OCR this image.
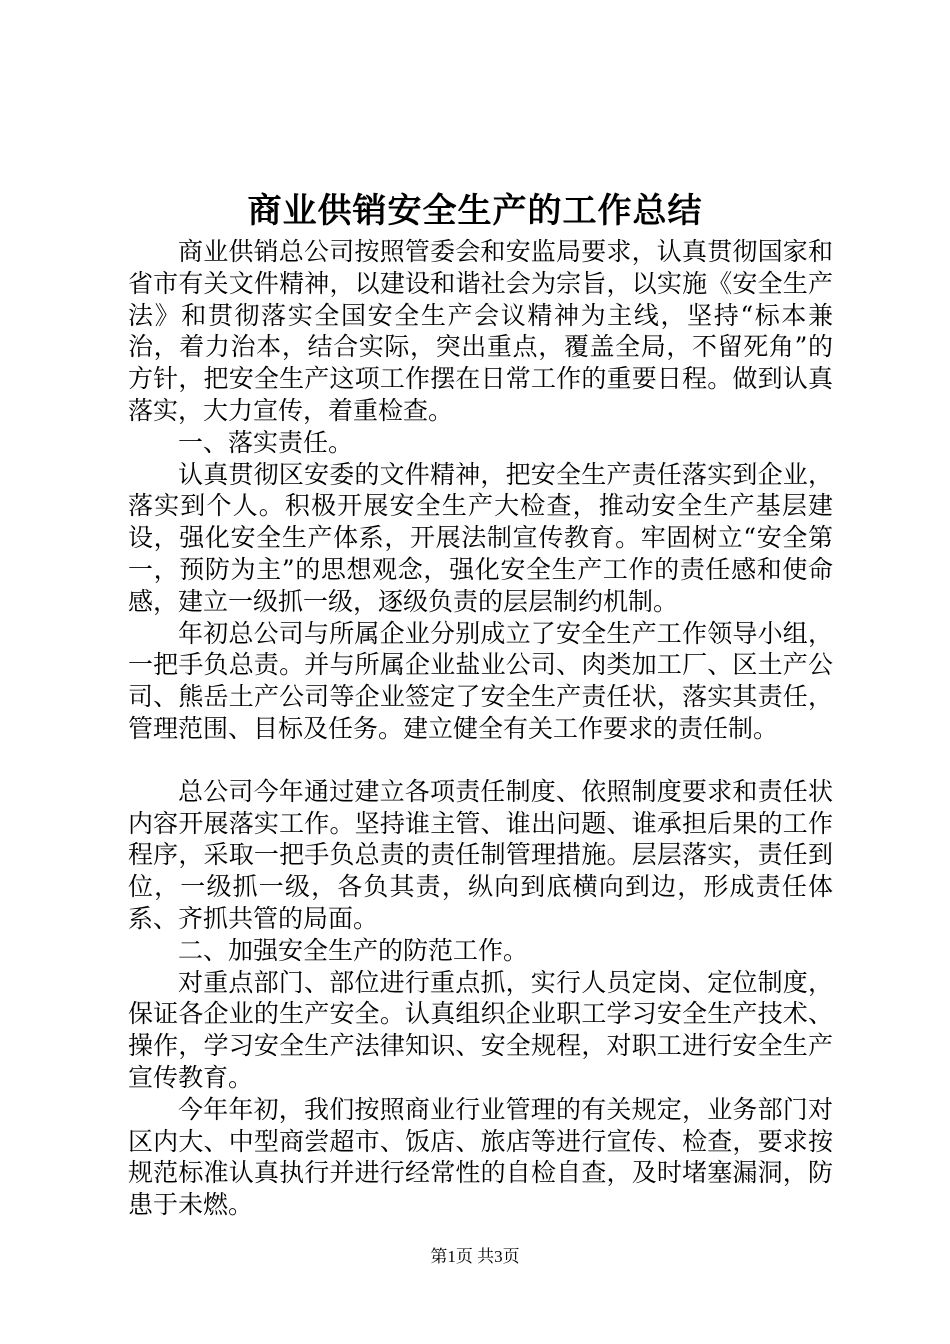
商业供销安全生产的工作总结

商业供销总公司按照管委会和安监局要求，认真贯彻国家和省市有关文件精神，以建设和谐社会为宗旨，以实施《安全生产法》和贯彻落实全国安全生产会议精神为主线，坚持“标本兼治，着力治本，结合实际，突出重点，覆盖全局，不留死角”的方针，把安全生产这项工作摆在日常工作的重要日程。做到认真落实，大力宣传，着重检查。

一、落实责任。

认真贯彻区安委的文件精神，把安全生产责任落实到企业，落实到个人。积极开展安全生产大检查，推动安全生产基层建设，强化安全生产体系，开展法制宣传教育。牢固树立“安全第一，预防为主”的思想观念，强化安全生产工作的责任感和使命感，建立一级抓一级，逐级负责的层层制约机制。

年初总公司与所属企业分别成立了安全生产工作领导小组，一把手负总责。并与所属企业盐业公司、肉类加工厂、区土产公司、熊岳土产公司等企业签定了安全生产责任状，落实其责任，管理范围、目标及任务。建立健全有关工作要求的责任制。

总公司今年通过建立各项责任制度、依照制度要求和责任状内容开展落实工作。坚持谁主管、谁出问题、谁承担后果的工作程序，采取一把手负总责的责任制管理措施。层层落实，责任到位，一级抓一级，各负其责，纵向到底横向到边，形成责任体系、齐抓共管的局面。

二、加强安全生产的防范工作。

对重点部门、部位进行重点抓，实行人员定岗、定位制度，保证各企业的生产安全。认真组织企业职工学习安全生产技术、操作，学习安全生产法律知识、安全规程，对职工进行安全生产宣传教育。

今年年初，我们按照商业行业管理的有关规定，业务部门对区内大、中型商尝超市、饭店、旅店等进行宣传、检查，要求按规范标准认真执行并进行经常性的自检自查，及时堵塞漏洞，防患于未燃。

第1页 共3页
